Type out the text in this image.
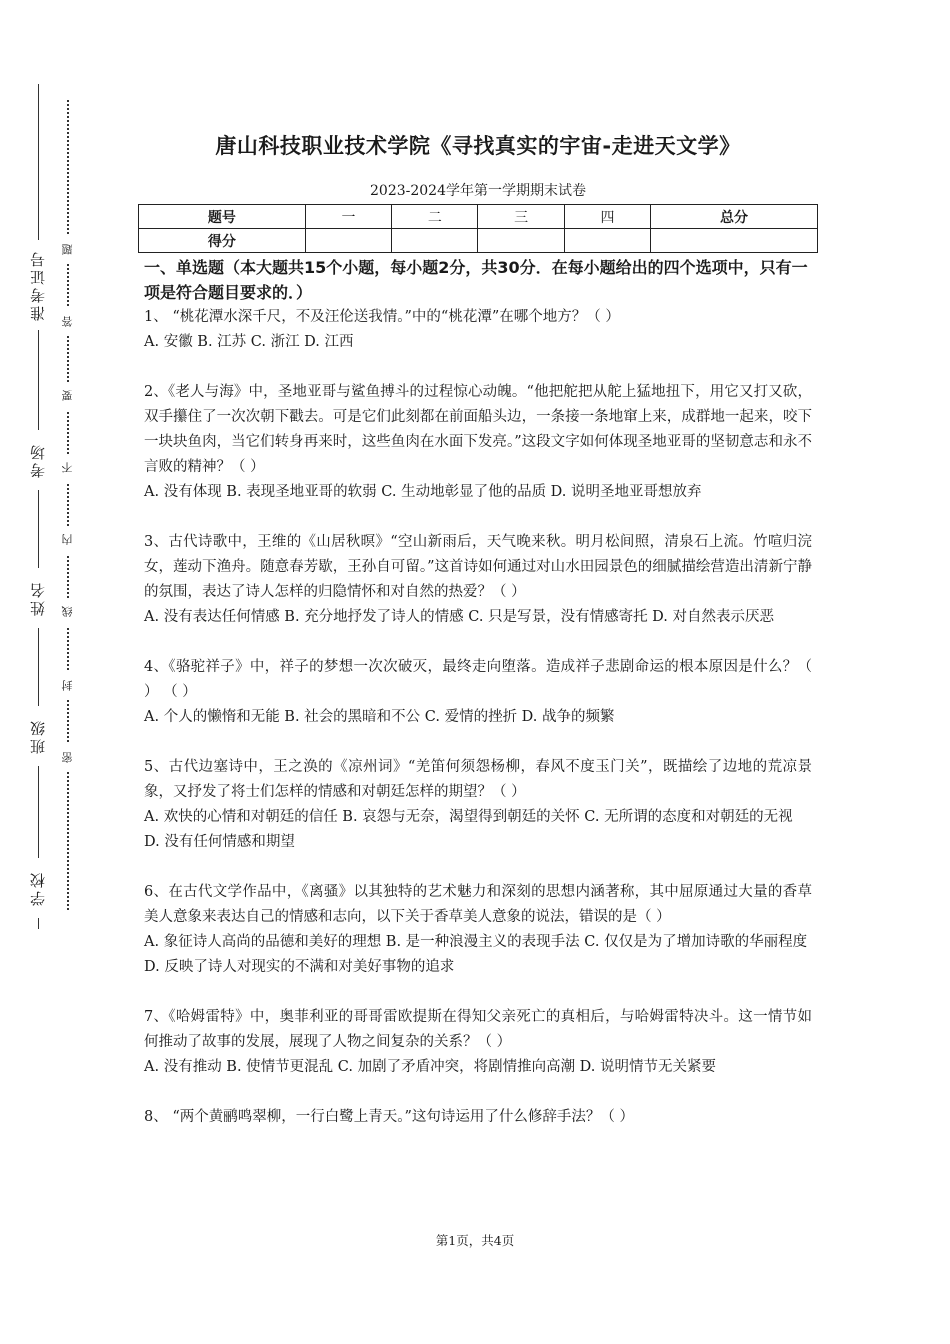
准考证号
考场
姓名
班级
学校
题
答
要
不
内
线
封
密
唐山科技职业技术学院《寻找真实的宇宙-走进天文学》
2023-2024学年第一学期期末试卷
题号	一	二	三	四	总分
得分					
一、单选题（本大题共15个小题，每小题2分，共30分．在每小题给出的四个选项中，只有一项是符合题目要求的．）
1、 “桃花潭水深千尺，不及汪伦送我情。”中的“桃花潭”在哪个地方？（ ）
A. 安徽 B. 江苏 C. 浙江 D. 江西
2、《老人与海》中，圣地亚哥与鲨鱼搏斗的过程惊心动魄。“他把舵把从舵上猛地扭下，用它又打又砍，双手攥住了一次次朝下戳去。可是它们此刻都在前面船头边，一条接一条地窜上来，成群地一起来，咬下一块块鱼肉，当它们转身再来时，这些鱼肉在水面下发亮。”这段文字如何体现圣地亚哥的坚韧意志和永不言败的精神？（ ）
A. 没有体现 B. 表现圣地亚哥的软弱 C. 生动地彰显了他的品质 D. 说明圣地亚哥想放弃
3、古代诗歌中，王维的《山居秋暝》“空山新雨后，天气晚来秋。明月松间照，清泉石上流。竹喧归浣女，莲动下渔舟。随意春芳歇，王孙自可留。”这首诗如何通过对山水田园景色的细腻描绘营造出清新宁静的氛围，表达了诗人怎样的归隐情怀和对自然的热爱？（ ）
A. 没有表达任何情感 B. 充分地抒发了诗人的情感 C. 只是写景，没有情感寄托 D. 对自然表示厌恶
4、《骆驼祥子》中，祥子的梦想一次次破灭，最终走向堕落。造成祥子悲剧命运的根本原因是什么？（ ） （ ）
A. 个人的懒惰和无能 B. 社会的黑暗和不公 C. 爱情的挫折 D. 战争的频繁
5、古代边塞诗中，王之涣的《凉州词》“羌笛何须怨杨柳，春风不度玉门关”，既描绘了边地的荒凉景象，又抒发了将士们怎样的情感和对朝廷怎样的期望？（ ）
A. 欢快的心情和对朝廷的信任 B. 哀怨与无奈，渴望得到朝廷的关怀 C. 无所谓的态度和对朝廷的无视 D. 没有任何情感和期望
6、在古代文学作品中，《离骚》以其独特的艺术魅力和深刻的思想内涵著称，其中屈原通过大量的香草美人意象来表达自己的情感和志向，以下关于香草美人意象的说法，错误的是（ ）
A. 象征诗人高尚的品德和美好的理想 B. 是一种浪漫主义的表现手法 C. 仅仅是为了增加诗歌的华丽程度 D. 反映了诗人对现实的不满和对美好事物的追求
7、《哈姆雷特》中，奥菲利亚的哥哥雷欧提斯在得知父亲死亡的真相后，与哈姆雷特决斗。这一情节如何推动了故事的发展，展现了人物之间复杂的关系？（ ）
A. 没有推动 B. 使情节更混乱 C. 加剧了矛盾冲突，将剧情推向高潮 D. 说明情节无关紧要
8、 “两个黄鹂鸣翠柳，一行白鹭上青天。”这句诗运用了什么修辞手法？（ ）
第1页，共4页
